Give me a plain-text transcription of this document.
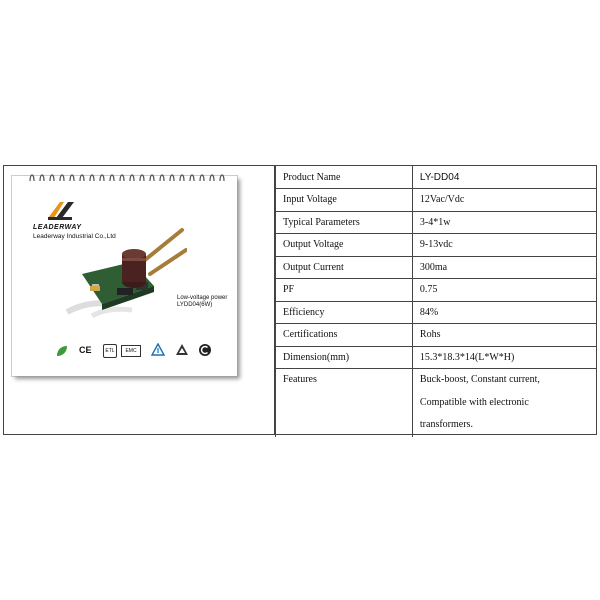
LEADERWAY
Leaderway Industrial Co.,Ltd
Low-voltage power
LYDD04(6W)
CE	ETL	EMC
Product Name	LY-DD04
Input Voltage	12Vac/Vdc
Typical Parameters	3-4*1w
Output Voltage	9-13vdc
Output Current	300ma
PF	0.75
Efficiency	84%
Certifications	Rohs
Dimension(mm)	15.3*18.3*14(L*W*H)

Features	Buck-boost, Constant current,
Compatible with electronic
transformers.
